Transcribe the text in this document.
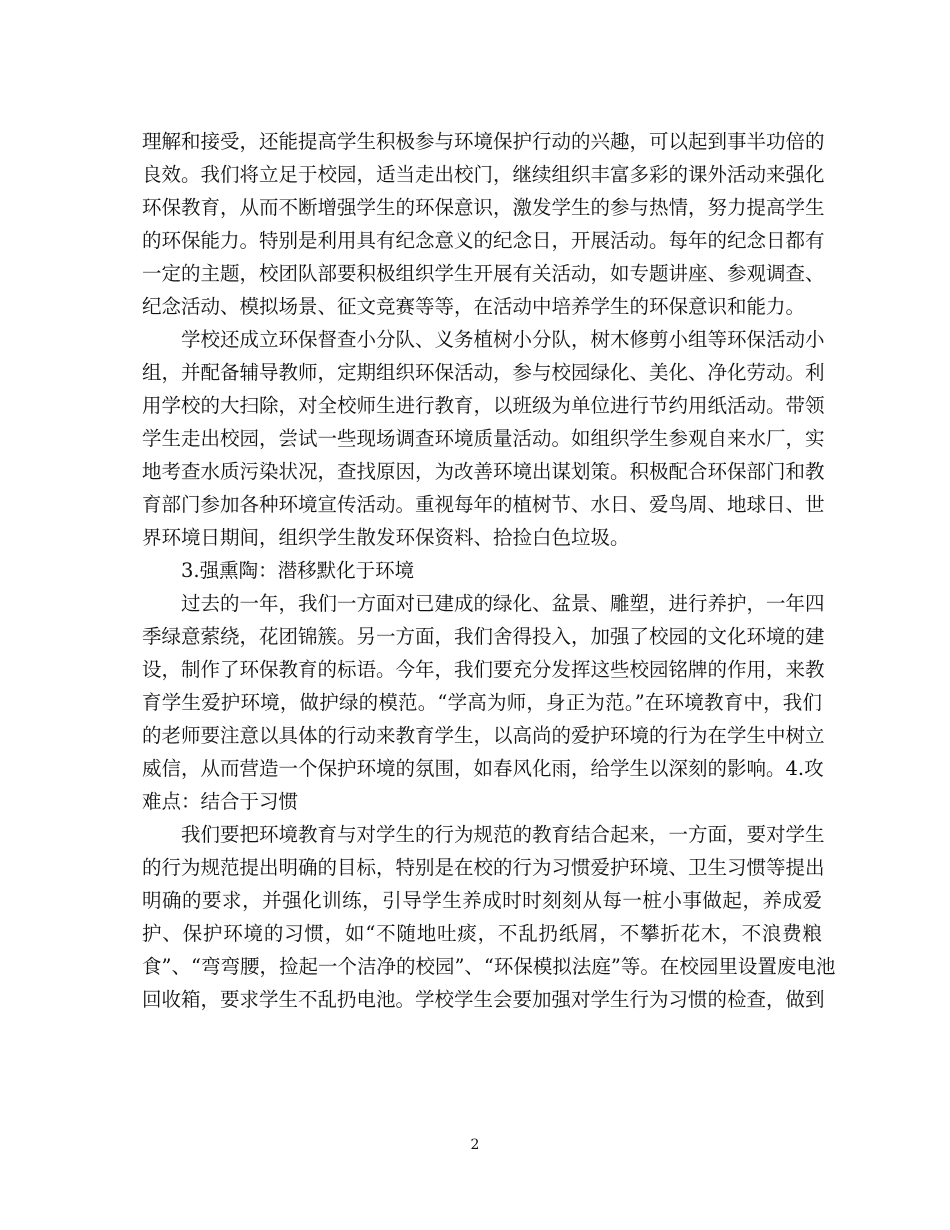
理解和接受，还能提高学生积极参与环境保护行动的兴趣，可以起到事半功倍的
良效。我们将立足于校园，适当走出校门，继续组织丰富多彩的课外活动来强化
环保教育，从而不断增强学生的环保意识，激发学生的参与热情，努力提高学生
的环保能力。特别是利用具有纪念意义的纪念日，开展活动。每年的纪念日都有
一定的主题，校团队部要积极组织学生开展有关活动，如专题讲座、参观调查、
纪念活动、模拟场景、征文竞赛等等，在活动中培养学生的环保意识和能力。
　　学校还成立环保督查小分队、义务植树小分队，树木修剪小组等环保活动小
组，并配备辅导教师，定期组织环保活动，参与校园绿化、美化、净化劳动。利
用学校的大扫除，对全校师生进行教育，以班级为单位进行节约用纸活动。带领
学生走出校园，尝试一些现场调查环境质量活动。如组织学生参观自来水厂，实
地考查水质污染状况，查找原因，为改善环境出谋划策。积极配合环保部门和教
育部门参加各种环境宣传活动。重视每年的植树节、水日、爱鸟周、地球日、世
界环境日期间，组织学生散发环保资料、拾捡白色垃圾。
　　3.强熏陶：潜移默化于环境
　　过去的一年，我们一方面对已建成的绿化、盆景、雕塑，进行养护，一年四
季绿意萦绕，花团锦簇。另一方面，我们舍得投入，加强了校园的文化环境的建
设，制作了环保教育的标语。今年，我们要充分发挥这些校园铭牌的作用，来教
育学生爱护环境，做护绿的模范。“学高为师，身正为范。”在环境教育中，我们
的老师要注意以具体的行动来教育学生，以高尚的爱护环境的行为在学生中树立
威信，从而营造一个保护环境的氛围，如春风化雨，给学生以深刻的影响。4.攻
难点：结合于习惯
　　我们要把环境教育与对学生的行为规范的教育结合起来，一方面，要对学生
的行为规范提出明确的目标，特别是在校的行为习惯爱护环境、卫生习惯等提出
明确的要求，并强化训练，引导学生养成时时刻刻从每一桩小事做起，养成爱
护、保护环境的习惯，如“不随地吐痰，不乱扔纸屑，不攀折花木，不浪费粮
食”、“弯弯腰，捡起一个洁净的校园”、“环保模拟法庭”等。在校园里设置废电池
回收箱，要求学生不乱扔电池。学校学生会要加强对学生行为习惯的检查，做到
2
